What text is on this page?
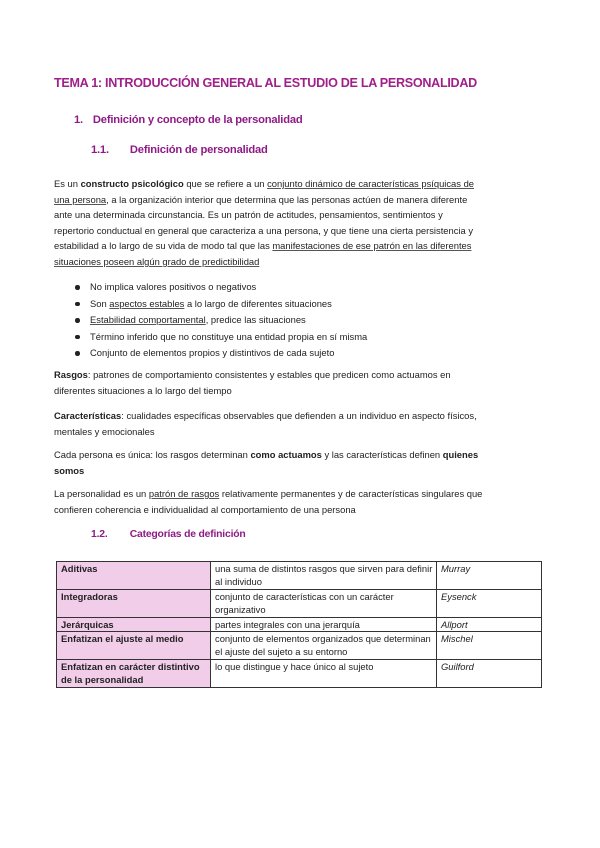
TEMA 1: INTRODUCCIÓN GENERAL AL ESTUDIO DE LA PERSONALIDAD
1. Definición y concepto de la personalidad
1.1. Definición de personalidad
Es un constructo psicológico que se refiere a un conjunto dinámico de características psíquicas de
una persona, a la organización interior que determina que las personas actúen de manera diferente
ante una determinada circunstancia. Es un patrón de actitudes, pensamientos, sentimientos y
repertorio conductual en general que caracteriza a una persona, y que tiene una cierta persistencia y
estabilidad a lo largo de su vida de modo tal que las manifestaciones de ese patrón en las diferentes
situaciones poseen algún grado de predictibilidad
No implica valores positivos o negativos
Son aspectos estables a lo largo de diferentes situaciones
Estabilidad comportamental, predice las situaciones
Término inferido que no constituye una entidad propia en sí misma
Conjunto de elementos propios y distintivos de cada sujeto
Rasgos: patrones de comportamiento consistentes y estables que predicen como actuamos en
diferentes situaciones a lo largo del tiempo
Características: cualidades específicas observables que defienden a un individuo en aspecto físicos,
mentales y emocionales
Cada persona es única: los rasgos determinan como actuamos y las características definen quienes
somos
La personalidad es un patrón de rasgos relativamente permanentes y de características singulares que
confieren coherencia e individualidad al comportamiento de una persona
1.2. Categorías de definición
Aditivas	una suma de distintos rasgos que sirven para definir al individuo	Murray
Integradoras	conjunto de características con un carácter organizativo	Eysenck
Jerárquicas	partes integrales con una jerarquía	Allport
Enfatizan el ajuste al medio	conjunto de elementos organizados que determinan el ajuste del sujeto a su entorno	Mischel
Enfatizan en carácter distintivo de la personalidad	lo que distingue y hace único al sujeto	Guilford
